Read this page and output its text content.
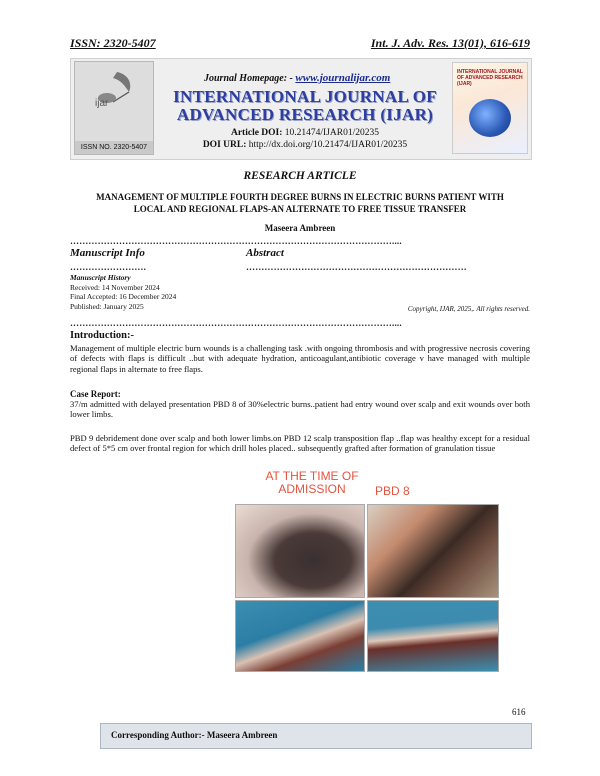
ISSN: 2320-5407	Int. J. Adv. Res. 13(01), 616-619
ijar
ISSN NO. 2320-5407
Journal Homepage: - www.journalijar.com
INTERNATIONAL JOURNAL OF
ADVANCED RESEARCH (IJAR)
Article DOI: 10.21474/IJAR01/20235
DOI URL: http://dx.doi.org/10.21474/IJAR01/20235
INTERNATIONAL JOURNAL OF ADVANCED RESEARCH (IJAR)
RESEARCH ARTICLE
MANAGEMENT OF MULTIPLE FOURTH DEGREE BURNS IN ELECTRIC BURNS PATIENT WITH
LOCAL AND REGIONAL FLAPS-AN ALTERNATE TO FREE TISSUE TRANSFER
Maseera Ambreen
……………………………………………………………………………………………....
Manuscript Info	Abstract
…………………….	………………………………………………………………
Manuscript History
Received: 14 November 2024
Final Accepted: 16 December 2024
Published: January 2025	Copyright, IJAR, 2025,. All rights reserved.
……………………………………………………………………………………………....
Introduction:-
Management of multiple electric burn wounds is a challenging task .with ongoing thrombosis and with progressive necrosis covering of defects with flaps is difficult ..but with adequate hydration, anticoagulant,antibiotic coverage v have managed with multiple regional flaps in alternate to free flaps.
Case Report:
37/m admitted with delayed presentation PBD 8 of 30%electric burns..patient had entry wound over scalp and exit wounds over both lower limbs.
PBD 9 debridement done over scalp and both lower limbs.on PBD 12 scalp transposition flap ..flap was healthy except for a residual defect of 5*5 cm over frontal region for which drill holes placed.. subsequently grafted after formation of granulation tissue
AT THE TIME OF ADMISSION	PBD 8
616
Corresponding Author:- Maseera Ambreen
